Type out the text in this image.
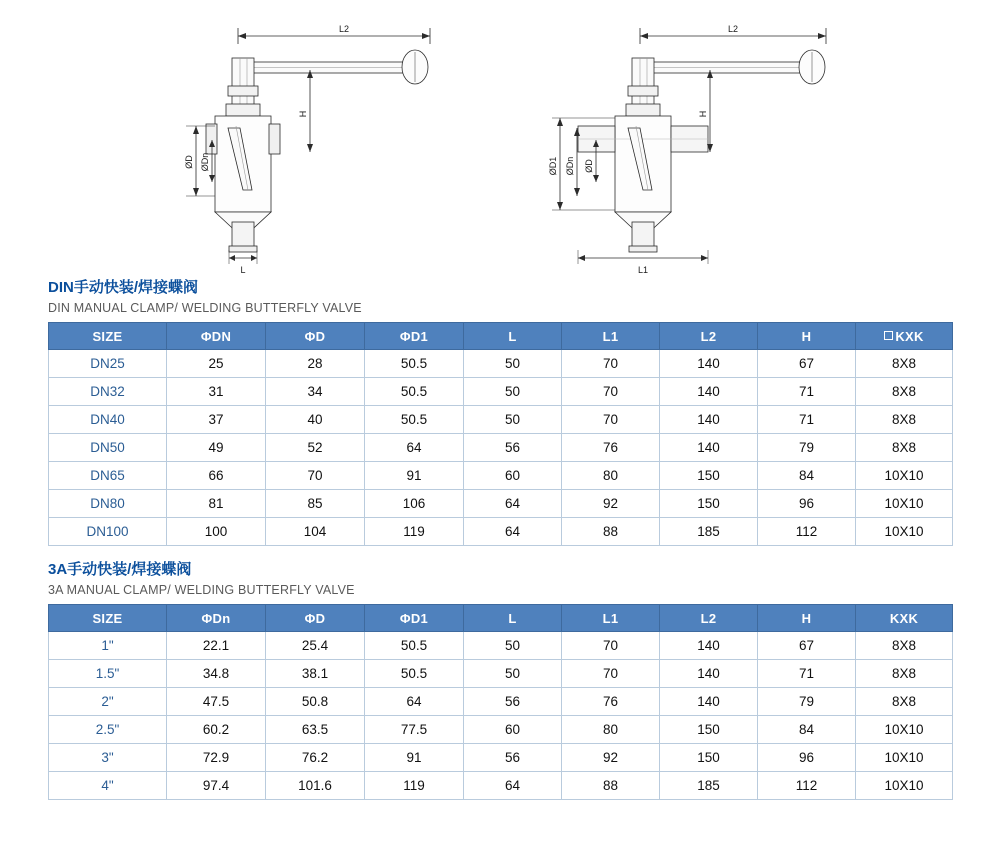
L2
H
ØD ØDn
L
L2
H
ØD1 ØDn ØD
L1
DIN手动快装/焊接蝶阀
DIN MANUAL CLAMP/ WELDING BUTTERFLY VALVE
SIZE	ΦDN	ΦD	ΦD1	L	L1	L2	H	KXK
DN25	25	28	50.5	50	70	140	67	8X8
DN32	31	34	50.5	50	70	140	71	8X8
DN40	37	40	50.5	50	70	140	71	8X8
DN50	49	52	64	56	76	140	79	8X8
DN65	66	70	91	60	80	150	84	10X10
DN80	81	85	106	64	92	150	96	10X10
DN100	100	104	119	64	88	185	112	10X10
3A手动快装/焊接蝶阀
3A MANUAL CLAMP/ WELDING BUTTERFLY VALVE
SIZE	ΦDn	ΦD	ΦD1	L	L1	L2	H	KXK
1"	22.1	25.4	50.5	50	70	140	67	8X8
1.5"	34.8	38.1	50.5	50	70	140	71	8X8
2"	47.5	50.8	64	56	76	140	79	8X8
2.5"	60.2	63.5	77.5	60	80	150	84	10X10
3"	72.9	76.2	91	56	92	150	96	10X10
4"	97.4	101.6	119	64	88	185	112	10X10
